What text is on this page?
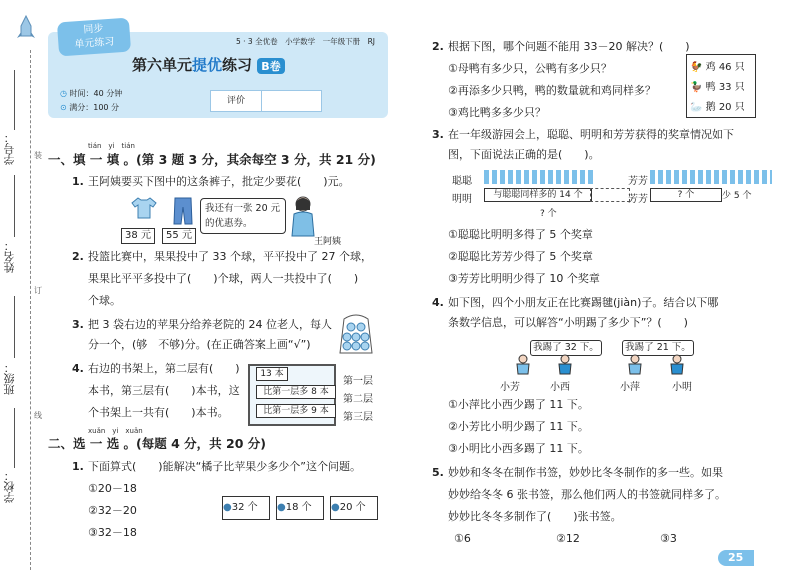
学号：
姓名：
班级：
学校：
装
订
线
同步
单元练习	5 · 3 全优卷　小学数学　一年级下册　RJ
第六单元提优练习 B卷
◷ 时间：40 分钟
⊙ 满分：100 分
评价
tián　yi　tián
一、填 一 填 。(第 3 题 3 分，其余每空 3 分，共 21 分)
1. 王阿姨要买下图中的这条裤子，批定少要花(　　)元。
38 元	55 元
我还有一张 20 元
的优惠券。
王阿姨
2. 投篮比赛中，果果投中了 33 个球，平平投中了 27 个球，
果果比平平多投中了(　　)个球，两人一共投中了(　　)
个球。
3. 把 3 袋右边的苹果分给养老院的 24 位老人，每人
分一个，(够　不够)分。(在正确答案上画“√”)
4. 右边的书架上，第二层有(　　)
本书，第三层有(　　)本书，这
个书架上一共有(　　)本书。
13 本
比第一层多 8 本
比第一层多 9 本
第一层
第二层
第三层
xuǎn　yi　xuǎn
二、选 一 选 。(每题 4 分，共 20 分)
1. 下面算式(　　)能解决“橘子比苹果少多少个”这个问题。
①20－18
②32－20
③32－18
●32 个	●18 个	●20 个
2. 根据下图，哪个问题不能用 33－20 解决？(　　)
①母鸭有多少只，公鸭有多少只？
②再添多少只鸭，鸭的数量就和鸡同样多？
③鸡比鸭多多少只？
🐓 鸡 46 只
🦆 鸭 33 只
🦢 鹅 20 只
3. 在一年级游园会上，聪聪、明明和芳芳获得的奖章情况如下
图，下面说法正确的是(　　)。
聪聪
明明	与聪聪同样多的 14 个
? 个
芳芳
芳芳	? 个	少 5 个
①聪聪比明明多得了 5 个奖章
②聪聪比芳芳少得了 5 个奖章
③芳芳比明明少得了 10 个奖章
4. 如下图，四个小朋友正在比赛踢毽(jiàn)子。结合以下哪
条数学信息，可以解答“小明踢了多少下”？(　　)
我踢了 32 下。	我踢了 21 下。
小芳	小西	小萍	小明
①小萍比小西少踢了 11 下。
②小芳比小明少踢了 11 下。
③小明比小西多踢了 11 下。
5. 妙妙和冬冬在制作书签，妙妙比冬冬制作的多一些。如果
妙妙给冬冬 6 张书签，那么他们两人的书签就同样多了。
妙妙比冬冬多制作了(　　)张书签。
①6	②12	③3
25
